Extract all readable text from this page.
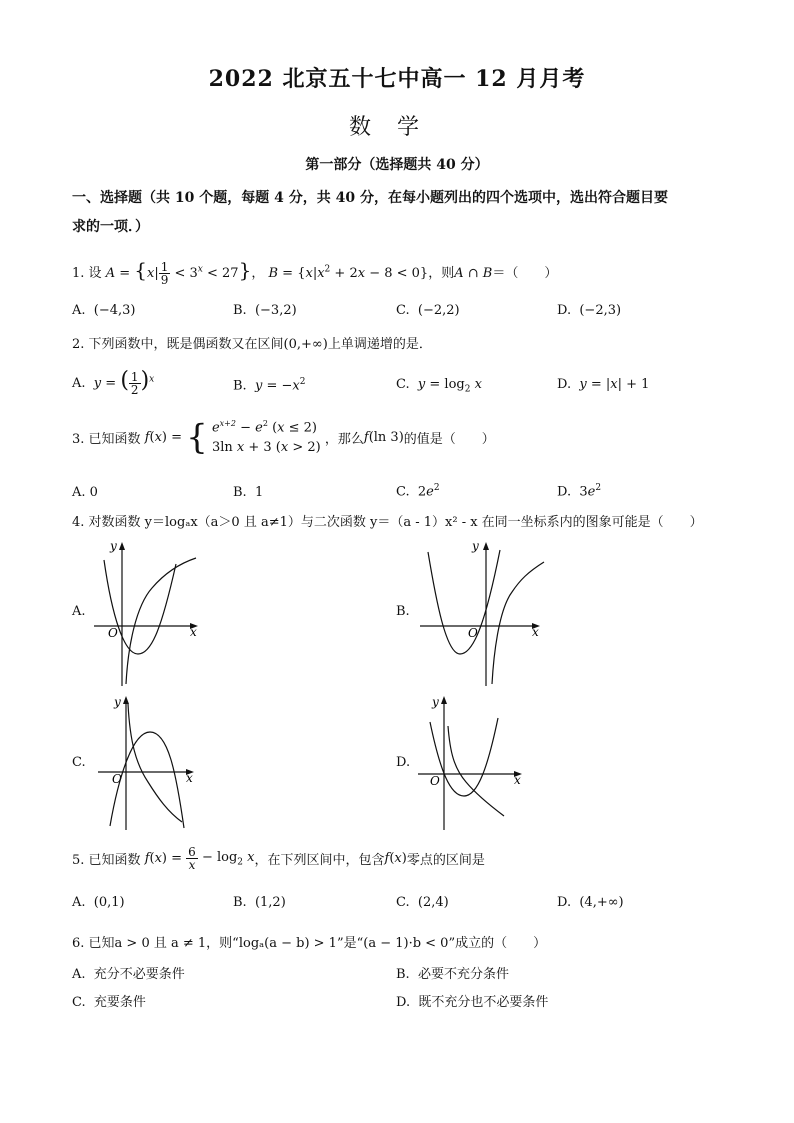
2022 北京五十七中高一 12 月月考
数学
第一部分（选择题共 40 分）
一、选择题（共 10 个题，每题 4 分，共 40 分，在每小题列出的四个选项中，选出符合题目要
求的一项．）
1. 设 $A = \{x| \frac{1}{9} < 3^x < 27\}$， $B = \{x|x^2 + 2x - 8 < 0\}$，则A ∩ B＝（　　）
A.  (−4,3)	B.  (−3,2)	C.  (−2,2)	D.  (−2,3)
2. 下列函数中，既是偶函数又在区间(0,+∞)上单调递增的是．
A.  y = ( $\frac{1}{2} )^x$	B.  $y = -x^2$	C.  $y = \log_2 x$	D.  y = |x| + 1
3. 已知函数 f(x) = { $e^{x+2} - e^2$ (x ≤ 2)
3ln x + 3 (x > 2)
，那么f(ln 3)的值是（　　）
A. 0	B.  1	C.  $2e^2$	D.  $3e^2$
4. 对数函数 y＝logₐx（a＞0 且 a≠1）与二次函数 y＝（a - 1）x² - x 在同一坐标系内的图象可能是（　　）
A.
y
x
O
B.
y
x
O
C.
y
x
O
D.
y
x
O
5. 已知函数 $f(x) = \frac{6}{x} - \log_2 x$，在下列区间中，包含f(x)零点的区间是
A.  (0,1)	B.  (1,2)	C.  (2,4)	D.  (4,+∞)
6. 已知a > 0 且 a ≠ 1，则“logₐ(a − b) > 1”是“(a − 1)·b < 0”成立的（　　）
A.  充分不必要条件	B.  必要不充分条件
C.  充要条件	D.  既不充分也不必要条件
